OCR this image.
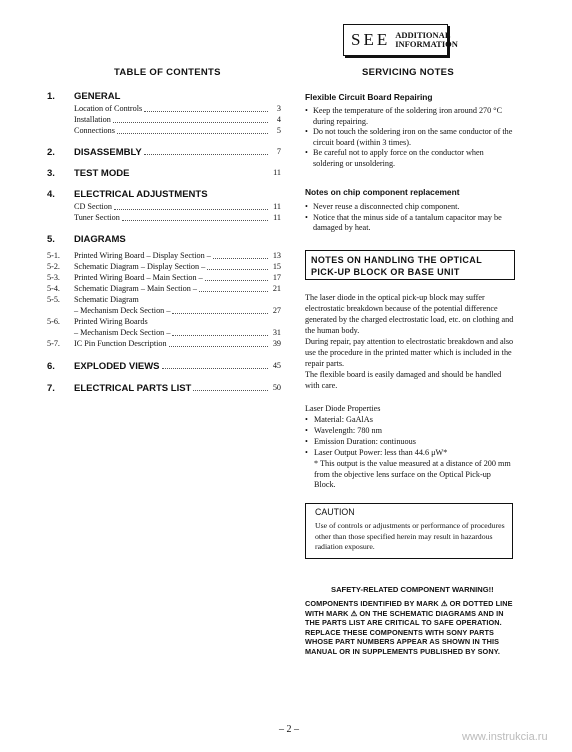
SEE ADDITIONAL
INFORMATION
TABLE OF CONTENTS
1. GENERAL
Location of Controls	3
Installation	4
Connections	5
2. DISASSEMBLY	7
3. TEST MODE	11
4. ELECTRICAL ADJUSTMENTS
CD Section	11
Tuner Section	11
5. DIAGRAMS
5-1. Printed Wiring Board – Display Section –	13
5-2. Schematic Diagram – Display Section –	15
5-3. Printed Wiring Board – Main Section –	17
5-4. Schematic Diagram – Main Section –	21
5-5. Schematic Diagram
– Mechanism Deck Section –	27
5-6. Printed Wiring Boards
– Mechanism Deck Section –	31
5-7. IC Pin Function Description	39
6. EXPLODED VIEWS	45
7. ELECTRICAL PARTS LIST	50
SERVICING NOTES
Flexible Circuit Board Repairing
• Keep the temperature of the soldering iron around 270 °C during repairing.
• Do not touch the soldering iron on the same conductor of the circuit board (within 3 times).
• Be careful not to apply force on the conductor when soldering or unsoldering.
Notes on chip component replacement
• Never reuse a disconnected chip component.
• Notice that the minus side of a tantalum capacitor may be damaged by heat.
NOTES ON HANDLING THE OPTICAL
PICK-UP BLOCK OR BASE UNIT
The laser diode in the optical pick-up block may suffer electrostatic breakdown because of the potential difference generated by the charged electrostatic load, etc. on clothing and the human body.
During repair, pay attention to electrostatic breakdown and also use the procedure in the printed matter which is included in the repair parts.
The flexible board is easily damaged and should be handled with care.
Laser Diode Properties
• Material: GaAlAs
• Wavelength: 780 nm
• Emission Duration: continuous
• Laser Output Power: less than 44.6 μW*
* This output is the value measured at a distance of 200 mm from the objective lens surface on the Optical Pick-up Block.
CAUTION
Use of controls or adjustments or performance of procedures other than those specified herein may result in hazardous radiation exposure.
SAFETY-RELATED COMPONENT WARNING!!
COMPONENTS IDENTIFIED BY MARK ⚠ OR DOTTED LINE WITH MARK ⚠ ON THE SCHEMATIC DIAGRAMS AND IN THE PARTS LIST ARE CRITICAL TO SAFE OPERATION. REPLACE THESE COMPONENTS WITH SONY PARTS WHOSE PART NUMBERS APPEAR AS SHOWN IN THIS MANUAL OR IN SUPPLEMENTS PUBLISHED BY SONY.
– 2 –
www.instrukcia.ru
